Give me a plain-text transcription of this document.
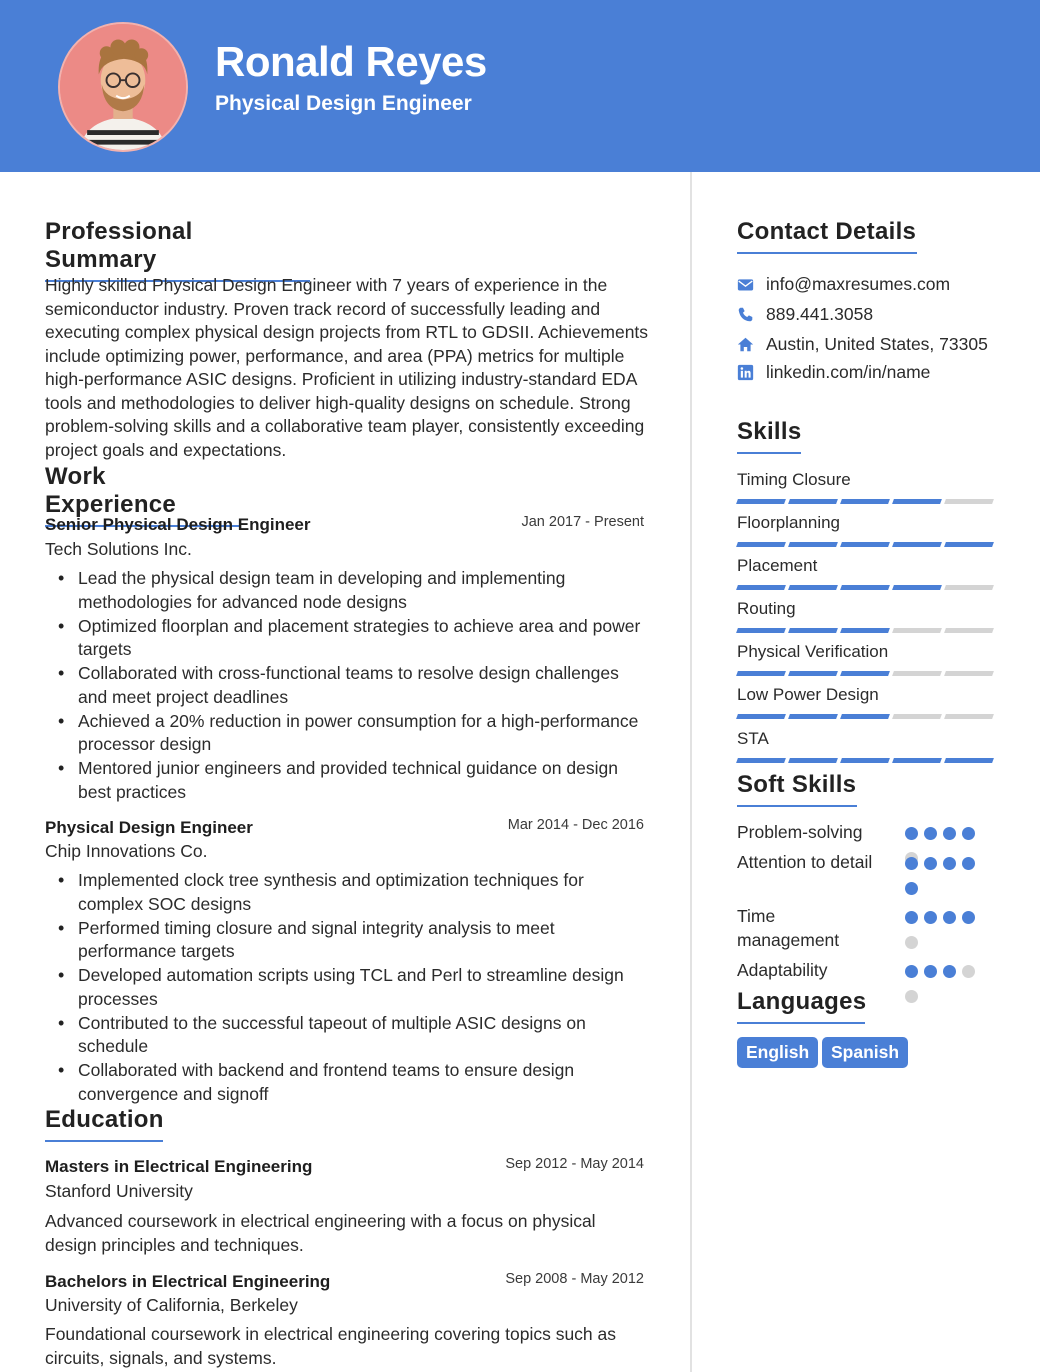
Ronald Reyes
Physical Design Engineer
Professional Summary
Highly skilled Physical Design Engineer with 7 years of experience in the semiconductor industry. Proven track record of successfully leading and executing complex physical design projects from RTL to GDSII. Achievements include optimizing power, performance, and area (PPA) metrics for multiple high-performance ASIC designs. Proficient in utilizing industry-standard EDA tools and methodologies to deliver high-quality designs on schedule. Strong problem-solving skills and a collaborative team player, consistently exceeding project goals and expectations.
Work Experience
Senior Physical Design Engineer	Jan 2017 - Present
Tech Solutions Inc.
• Lead the physical design team in developing and implementing methodologies for advanced node designs
• Optimized floorplan and placement strategies to achieve area and power targets
• Collaborated with cross-functional teams to resolve design challenges and meet project deadlines
• Achieved a 20% reduction in power consumption for a high-performance processor design
• Mentored junior engineers and provided technical guidance on design best practices
Physical Design Engineer	Mar 2014 - Dec 2016
Chip Innovations Co.
• Implemented clock tree synthesis and optimization techniques for complex SOC designs
• Performed timing closure and signal integrity analysis to meet performance targets
• Developed automation scripts using TCL and Perl to streamline design processes
• Contributed to the successful tapeout of multiple ASIC designs on schedule
• Collaborated with backend and frontend teams to ensure design convergence and signoff
Education
Masters in Electrical Engineering	Sep 2012 - May 2014
Stanford University
Advanced coursework in electrical engineering with a focus on physical design principles and techniques.
Bachelors in Electrical Engineering	Sep 2008 - May 2012
University of California, Berkeley
Foundational coursework in electrical engineering covering topics such as circuits, signals, and systems.
Contact Details
info@maxresumes.com
889.441.3058
Austin, United States, 73305
linkedin.com/in/name
Skills
Timing Closure
Floorplanning
Placement
Routing
Physical Verification
Low Power Design
STA
Soft Skills
Problem-solving
Attention to detail
Time management
Adaptability
Languages
English	Spanish
